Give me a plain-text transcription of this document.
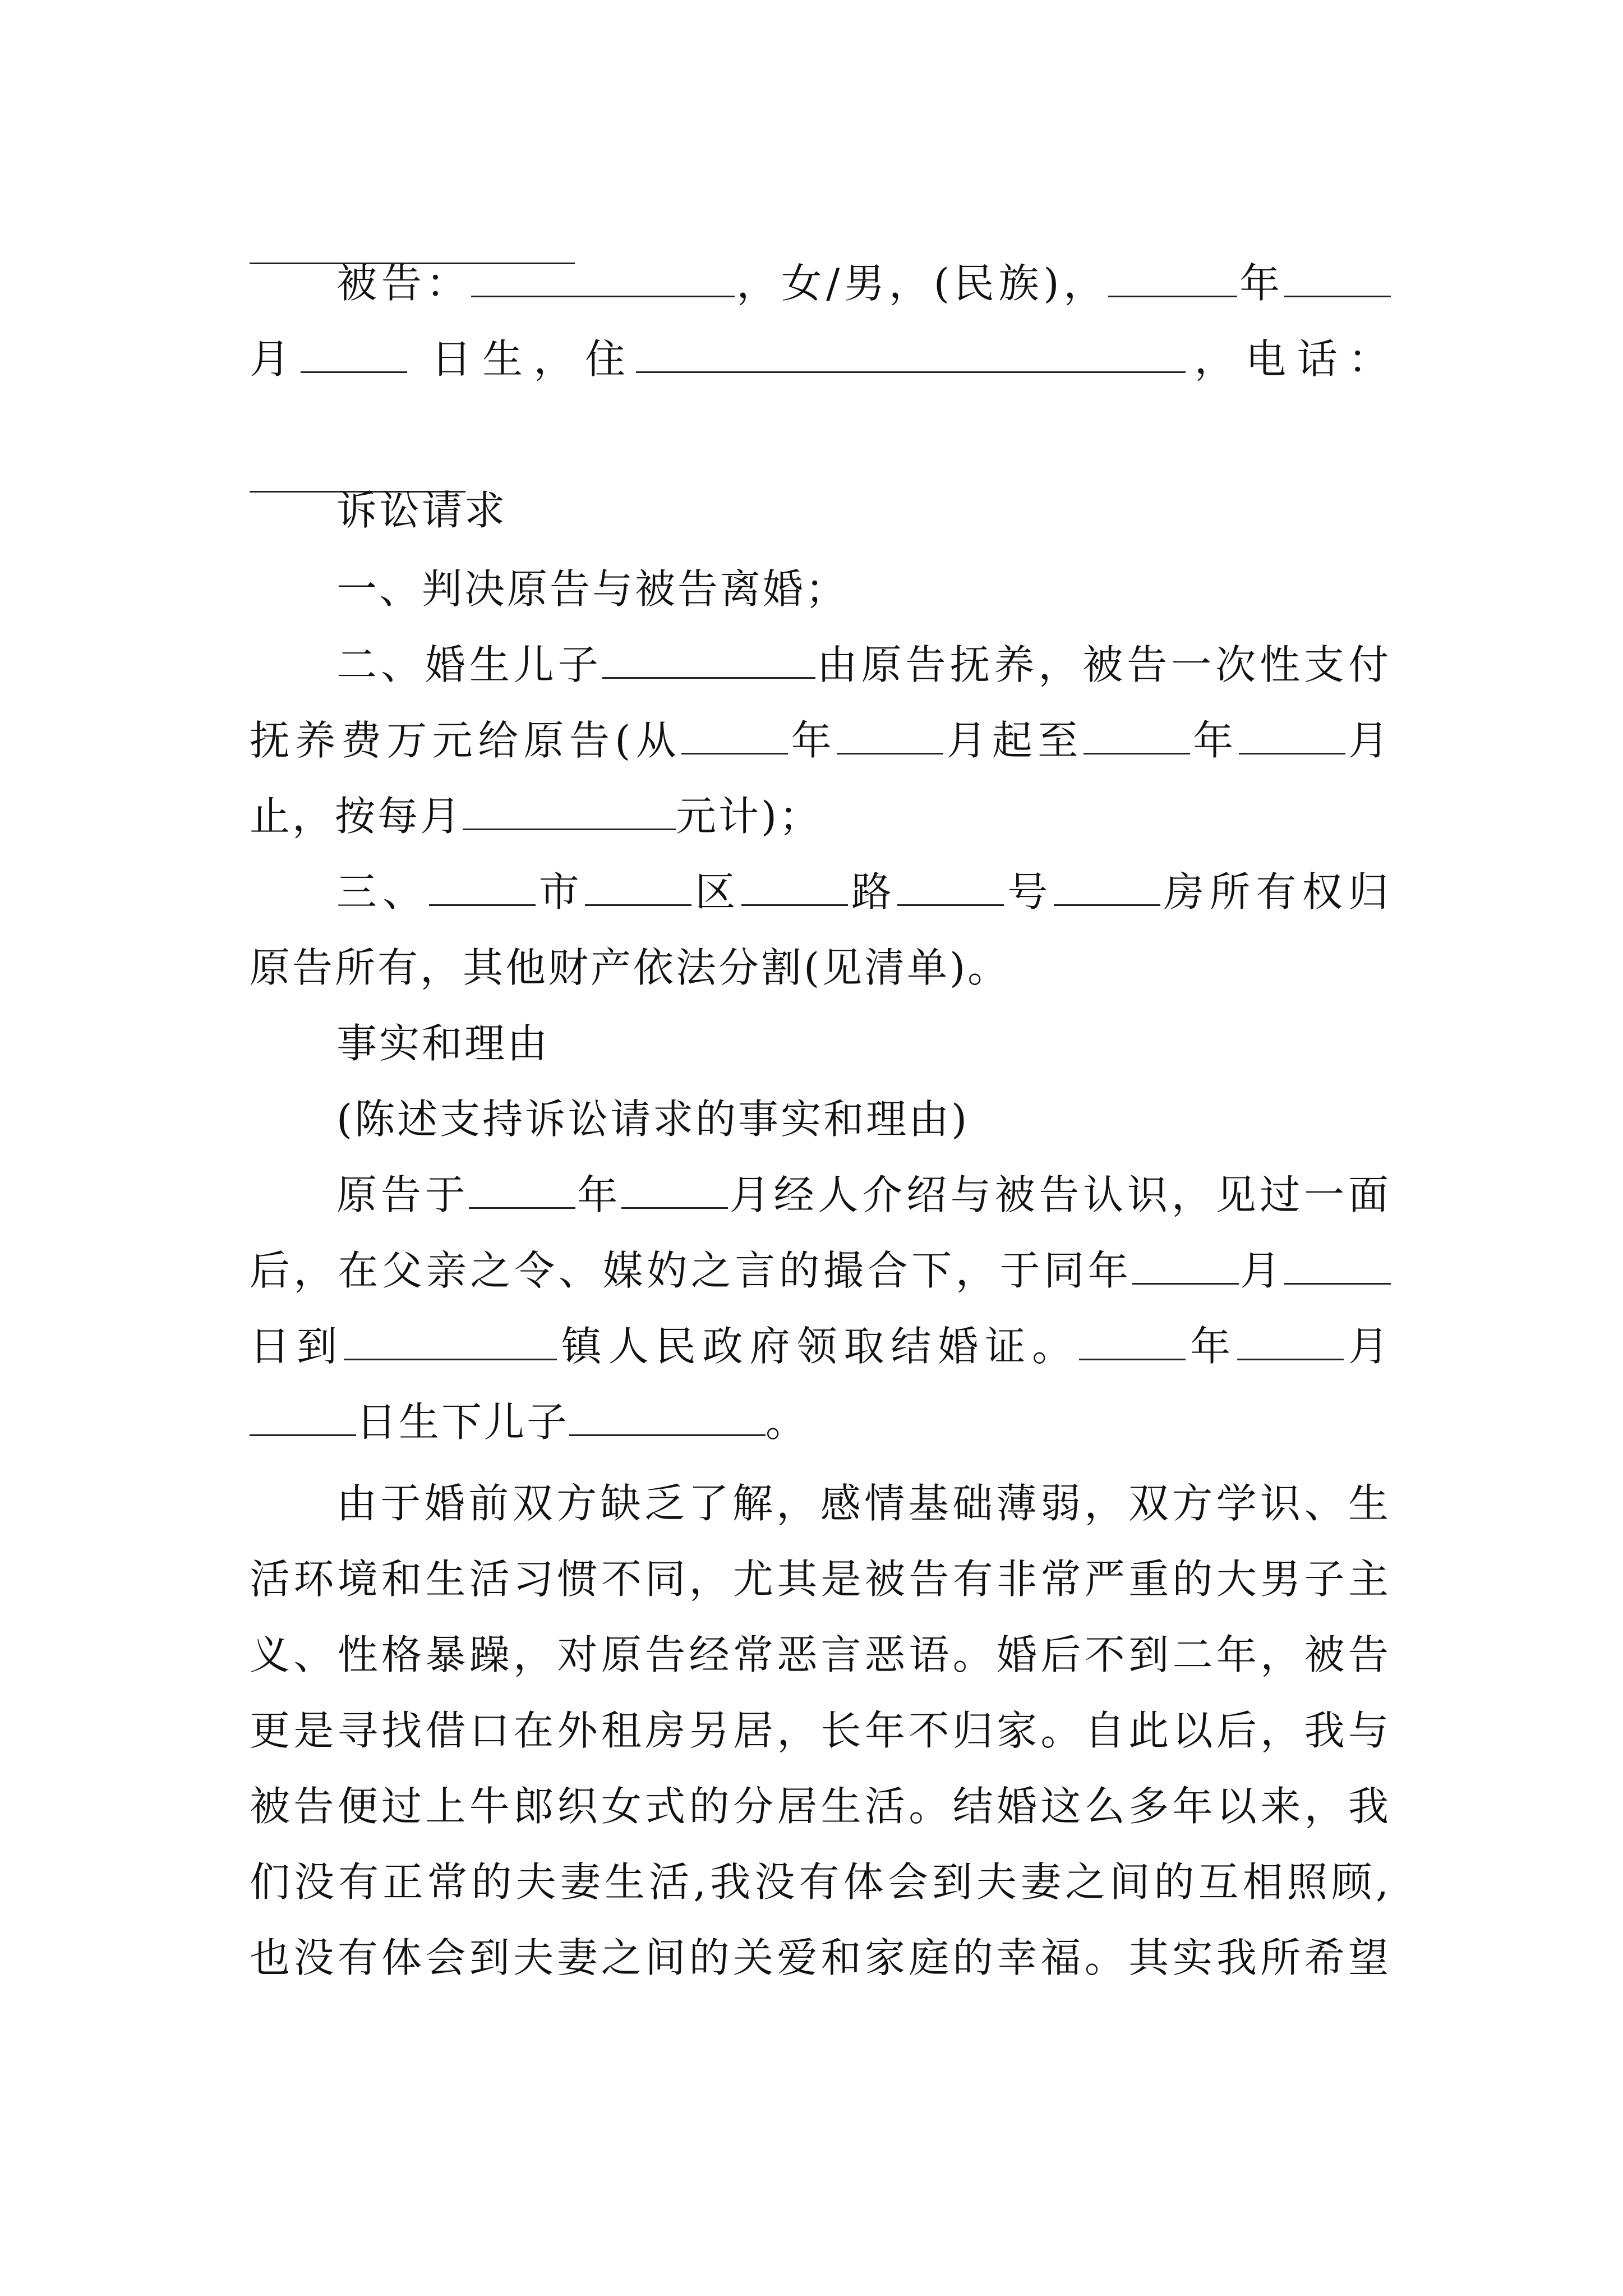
被告：	，女/男，(民族)，	年
月	日生，住	，电话：
诉讼请求
一、判决原告与被告离婚；
二、婚生儿子	由原告抚养，被告一次性支付
抚养费万元给原告(从	年	月起至	年	月
止，按每月	元计)；
三、	市	区	路	号	房所有权归
原告所有，其他财产依法分割(见清单)。
事实和理由
(陈述支持诉讼请求的事实和理由)
原告于	年	月经人介绍与被告认识，见过一面
后，在父亲之令、媒妁之言的撮合下，于同年	月
日到	镇人民政府领取结婚证。	年	月
日生下儿子	。
由于婚前双方缺乏了解，感情基础薄弱，双方学识、生
活环境和生活习惯不同，尤其是被告有非常严重的大男子主
义、性格暴躁，对原告经常恶言恶语。婚后不到二年，被告
更是寻找借口在外租房另居，长年不归家。自此以后，我与
被告便过上牛郎织女式的分居生活。结婚这么多年以来，我
们没有正常的夫妻生活,我没有体会到夫妻之间的互相照顾,
也没有体会到夫妻之间的关爱和家庭的幸福。其实我所希望
